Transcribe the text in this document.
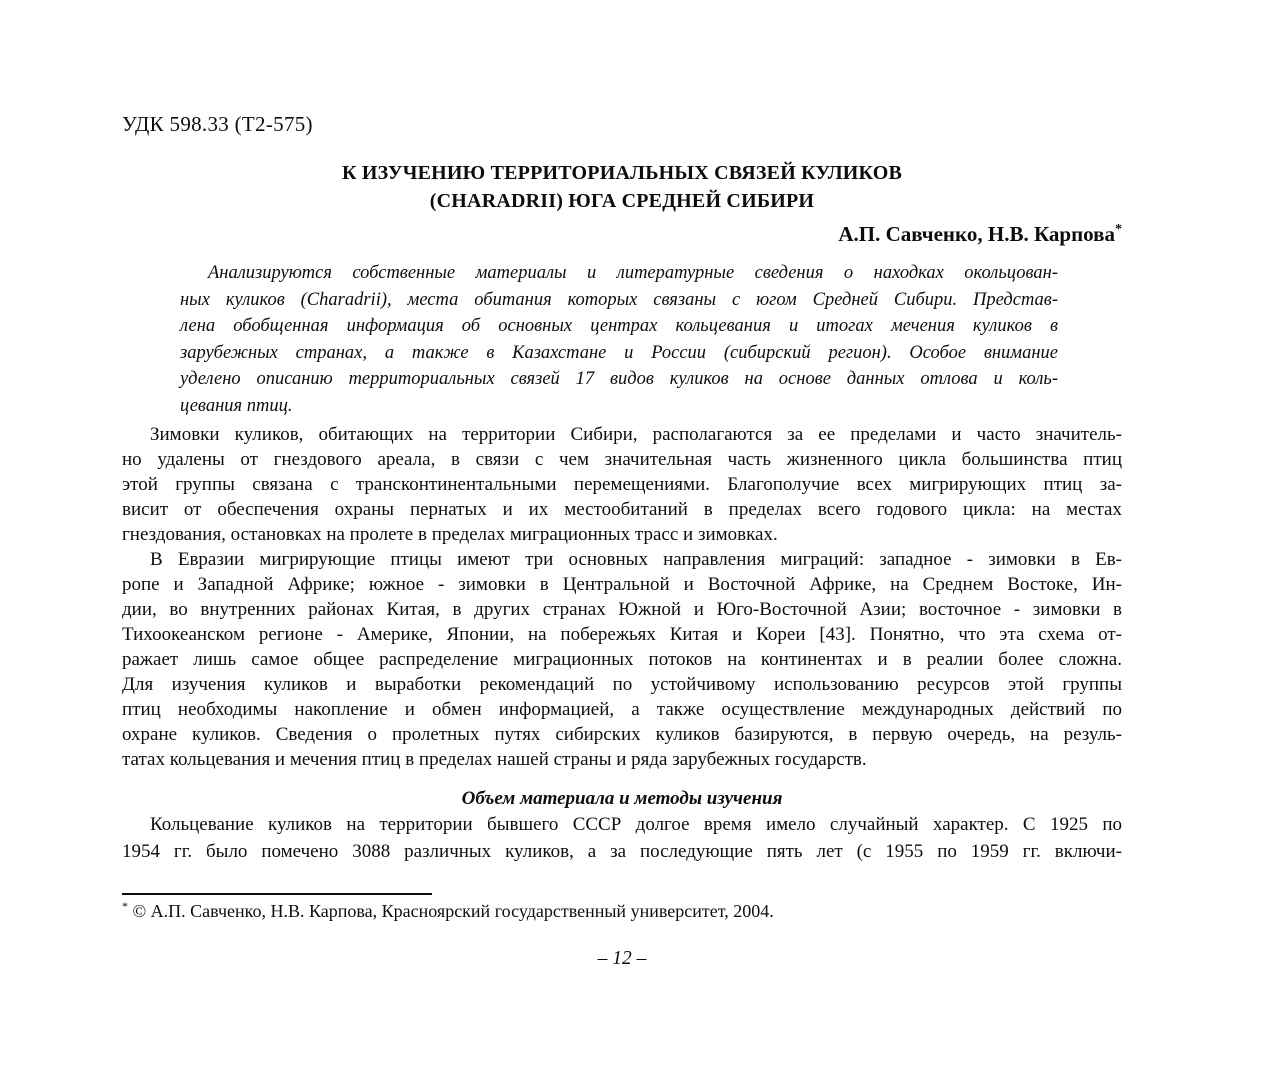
УДК 598.33 (Т2-575)
К ИЗУЧЕНИЮ ТЕРРИТОРИАЛЬНЫХ СВЯЗЕЙ КУЛИКОВ
(CHARADRII) ЮГА СРЕДНЕЙ СИБИРИ
А.П. Савченко, Н.В. Карпова*
Анализируются собственные материалы и литературные сведения о находках окольцован-
ных куликов (Charadrii), места обитания которых связаны с югом Средней Сибири. Представ-
лена обобщенная информация об основных центрах кольцевания и итогах мечения куликов в
зарубежных странах, а также в Казахстане и России (сибирский регион). Особое внимание
уделено описанию территориальных связей 17 видов куликов на основе данных отлова и коль-
цевания птиц.
Зимовки куликов, обитающих на территории Сибири, располагаются за ее пределами и часто значитель-
но удалены от гнездового ареала, в связи с чем значительная часть жизненного цикла большинства птиц
этой группы связана с трансконтинентальными перемещениями. Благополучие всех мигрирующих птиц за-
висит от обеспечения охраны пернатых и их местообитаний в пределах всего годового цикла: на местах
гнездования, остановках на пролете в пределах миграционных трасс и зимовках.
В Евразии мигрирующие птицы имеют три основных направления миграций: западное - зимовки в Ев-
ропе и Западной Африке; южное - зимовки в Центральной и Восточной Африке, на Среднем Востоке, Ин-
дии, во внутренних районах Китая, в других странах Южной и Юго-Восточной Азии; восточное - зимовки в
Тихоокеанском регионе - Америке, Японии, на побережьях Китая и Кореи [43]. Понятно, что эта схема от-
ражает лишь самое общее распределение миграционных потоков на континентах и в реалии более сложна.
Для изучения куликов и выработки рекомендаций по устойчивому использованию ресурсов этой группы
птиц необходимы накопление и обмен информацией, а также осуществление международных действий по
охране куликов. Сведения о пролетных путях сибирских куликов базируются, в первую очередь, на резуль-
татах кольцевания и мечения птиц в пределах нашей страны и ряда зарубежных государств.
Объем материала и методы изучения
Кольцевание куликов на территории бывшего СССР долгое время имело случайный характер. С 1925 по
1954 гг. было помечено 3088 различных куликов, а за последующие пять лет (с 1955 по 1959 гг. включи-
* © А.П. Савченко, Н.В. Карпова, Красноярский государственный университет, 2004.
– 12 –
